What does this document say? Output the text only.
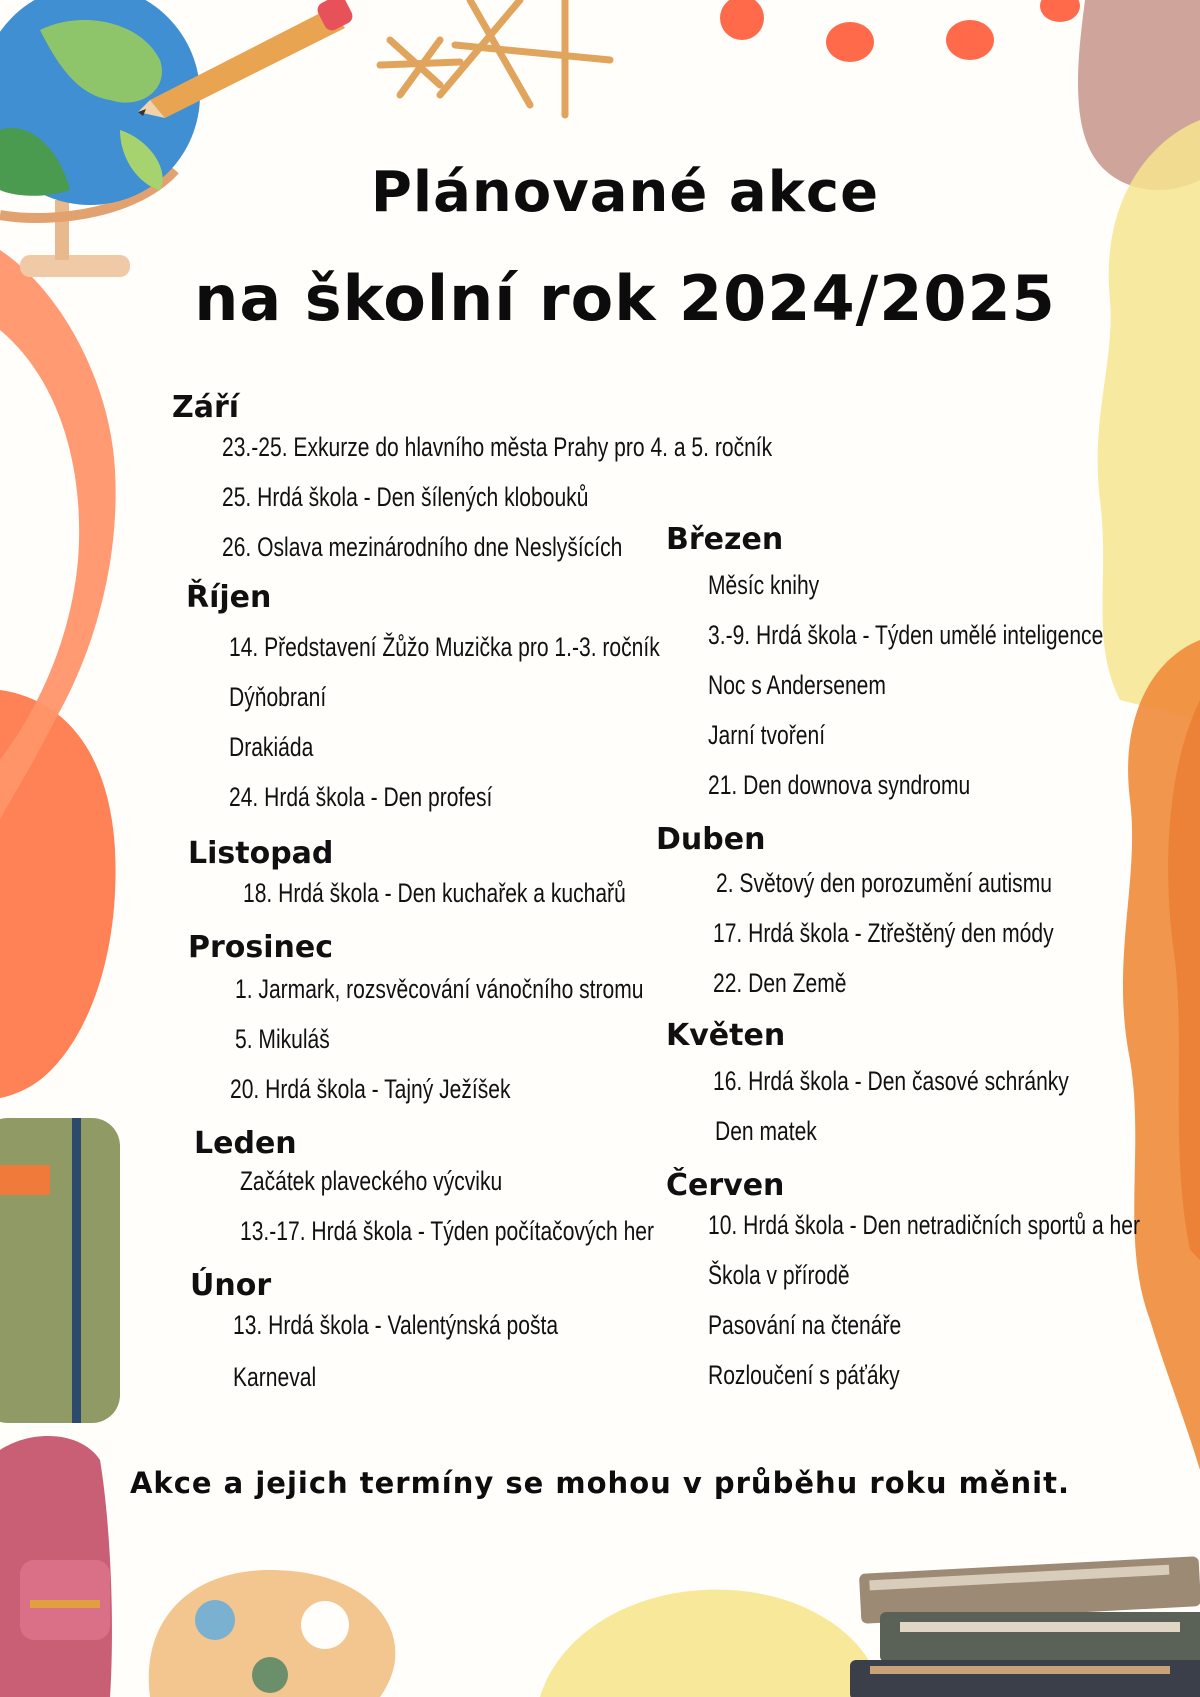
Plánované akce
na školní rok 2024/2025
Září
23.-25. Exkurze do hlavního města Prahy pro 4. a 5. ročník
25. Hrdá škola - Den šílených klobouků
26. Oslava mezinárodního dne Neslyšících
Říjen
14. Představení Žůžo Muzička pro 1.-3. ročník
Dýňobraní
Drakiáda
24. Hrdá škola - Den profesí
Listopad
18. Hrdá škola - Den kuchařek a kuchařů
Prosinec
1. Jarmark, rozsvěcování vánočního stromu
5. Mikuláš
20. Hrdá škola - Tajný Ježíšek
Leden
Začátek plaveckého výcviku
13.-17. Hrdá škola - Týden počítačových her
Únor
13. Hrdá škola - Valentýnská pošta
Karneval
Březen
Měsíc knihy
3.-9. Hrdá škola - Týden umělé inteligence
Noc s Andersenem
Jarní tvoření
21. Den downova syndromu
Duben
2. Světový den porozumění autismu
17. Hrdá škola - Ztřeštěný den módy
22. Den Země
Květen
16. Hrdá škola - Den časové schránky
Den matek
Červen
10. Hrdá škola - Den netradičních sportů a her
Škola v přírodě
Pasování na čtenáře
Rozloučení s páťáky
Akce a jejich termíny se mohou v průběhu roku měnit.
